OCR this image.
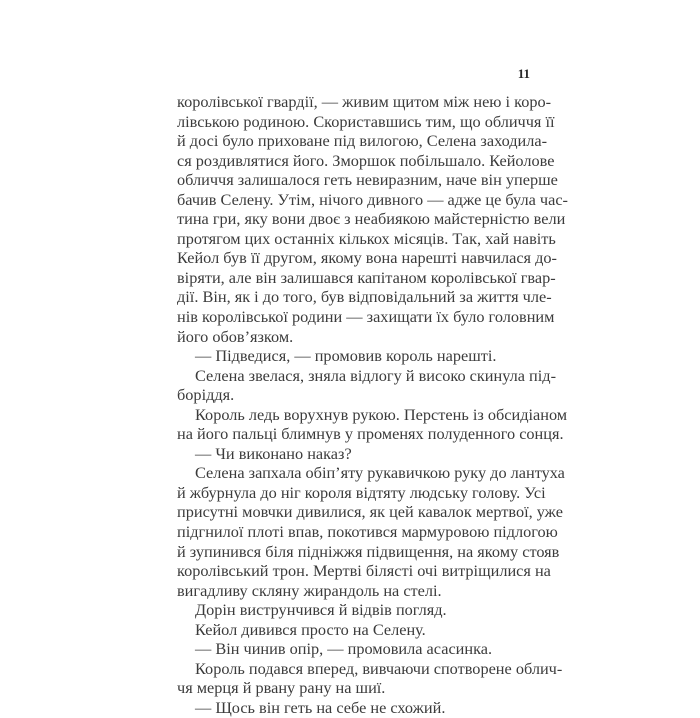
11
королівської гвардії, — живим щитом між нею і коро-
лівською родиною. Скориставшись тим, що обличчя її
й досі було приховане під вилогою, Селена заходила-
ся роздивлятися його. Зморшок побільшало. Кейолове
обличчя залишалося геть невиразним, наче він уперше
бачив Селену. Утім, нічого дивного — адже це була час-
тина гри, яку вони двоє з неабиякою майстерністю вели
протягом цих останніх кількох місяців. Так, хай навіть
Кейол був її другом, якому вона нарешті навчилася до-
віряти, але він залишався капітаном королівської гвар-
дії. Він, як і до того, був відповідальний за життя чле-
нів королівської родини — захищати їх було головним
його обов’язком.
— Підведися, — промовив король нарешті.
Селена звелася, зняла відлогу й високо скинула під-
боріддя.
Король ледь ворухнув рукою. Перстень із обсидіаном
на його пальці блимнув у променях полуденного сонця.
— Чи виконано наказ?
Селена запхала обіп’яту рукавичкою руку до лантуха
й жбурнула до ніг короля відтяту людську голову. Усі
присутні мовчки дивилися, як цей кавалок мертвої, уже
підгнилої плоті впав, покотився мармуровою підлогою
й зупинився біля підніжжя підвищення, на якому стояв
королівський трон. Мертві білясті очі витріщилися на
вигадливу скляну жирандоль на стелі.
Дорін виструнчився й відвів погляд.
Кейол дивився просто на Селену.
— Він чинив опір, — промовила асасинка.
Король подався вперед, вивчаючи спотворене облич-
чя мерця й рвану рану на шиї.
— Щось він геть на себе не схожий.
